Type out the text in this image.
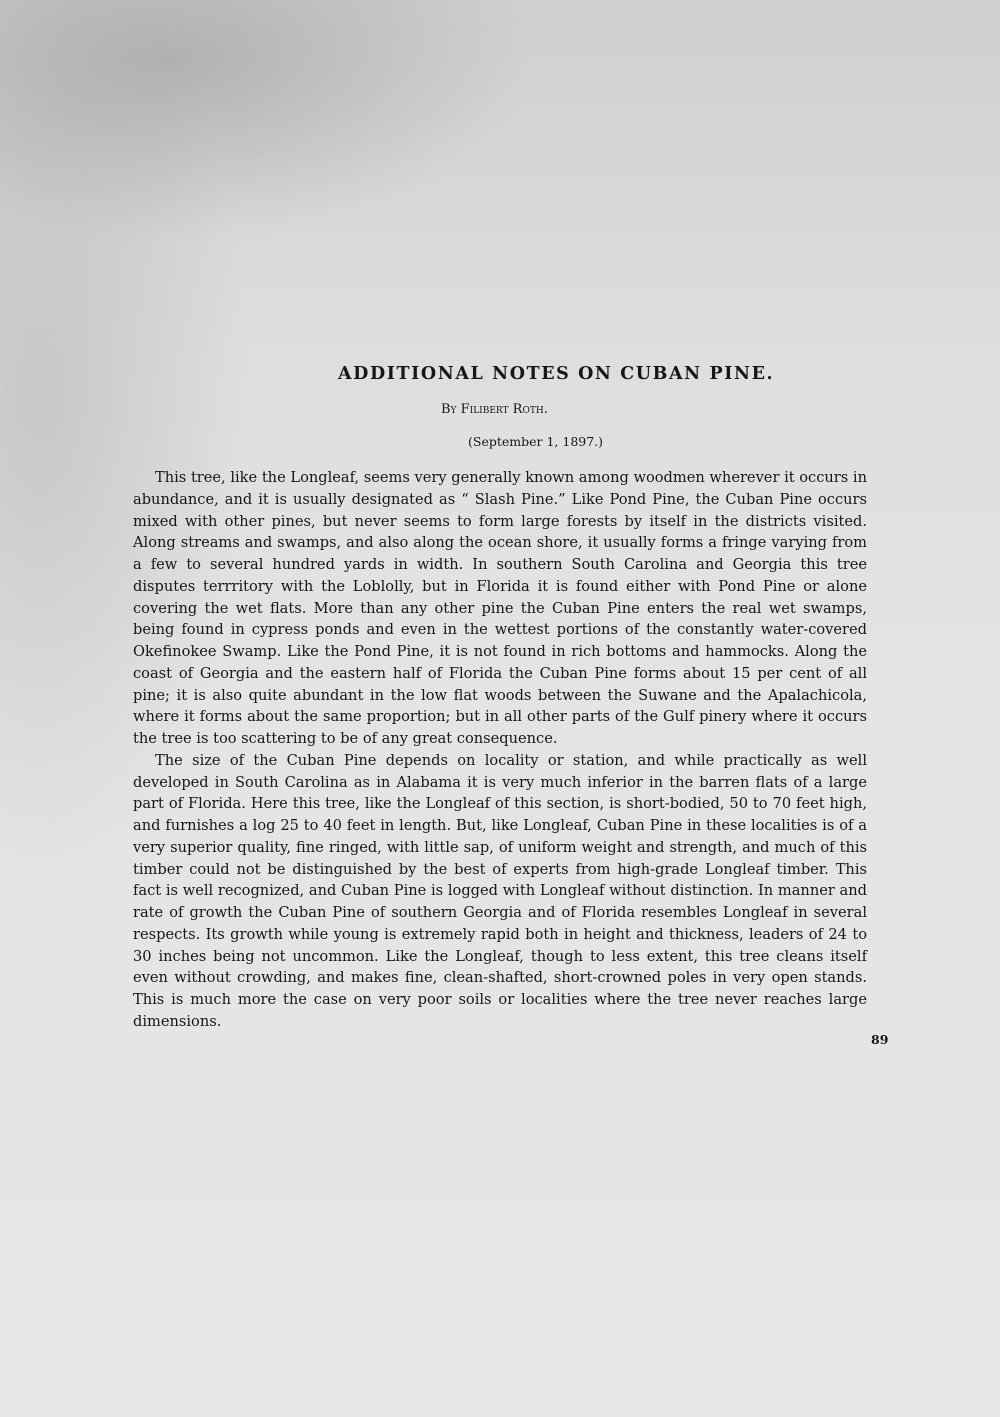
ADDITIONAL NOTES ON CUBAN PINE.

By Filibert Roth.

(September 1, 1897.)

This tree, like the Longleaf, seems very generally known among woodmen wherever it occurs in abundance, and it is usually designated as “ Slash Pine.” Like Pond Pine, the Cuban Pine occurs mixed with other pines, but never seems to form large forests by itself in the districts visited. Along streams and swamps, and also along the ocean shore, it usually forms a fringe varying from a few to several hundred yards in width. In southern South Carolina and Georgia this tree disputes terrritory with the Loblolly, but in Florida it is found either with Pond Pine or alone covering the wet flats. More than any other pine the Cuban Pine enters the real wet swamps, being found in cypress ponds and even in the wettest portions of the constantly water-covered Okefinokee Swamp. Like the Pond Pine, it is not found in rich bottoms and hammocks. Along the coast of Georgia and the eastern half of Florida the Cuban Pine forms about 15 per cent of all pine; it is also quite abundant in the low flat woods between the Suwane and the Apalachicola, where it forms about the same proportion; but in all other parts of the Gulf pinery where it occurs the tree is too scattering to be of any great consequence.

The size of the Cuban Pine depends on locality or station, and while practically as well developed in South Carolina as in Alabama it is very much inferior in the barren flats of a large part of Florida. Here this tree, like the Longleaf of this section, is short-bodied, 50 to 70 feet high, and furnishes a log 25 to 40 feet in length. But, like Longleaf, Cuban Pine in these localities is of a very superior quality, fine ringed, with little sap, of uniform weight and strength, and much of this timber could not be distinguished by the best of experts from high-grade Longleaf timber. This fact is well recognized, and Cuban Pine is logged with Longleaf without distinction. In manner and rate of growth the Cuban Pine of southern Georgia and of Florida resembles Longleaf in several respects. Its growth while young is extremely rapid both in height and thickness, leaders of 24 to 30 inches being not uncommon. Like the Longleaf, though to less extent, this tree cleans itself even without crowding, and makes fine, clean-shafted, short-crowned poles in very open stands. This is much more the case on very poor soils or localities where the tree never reaches large dimensions.

89
